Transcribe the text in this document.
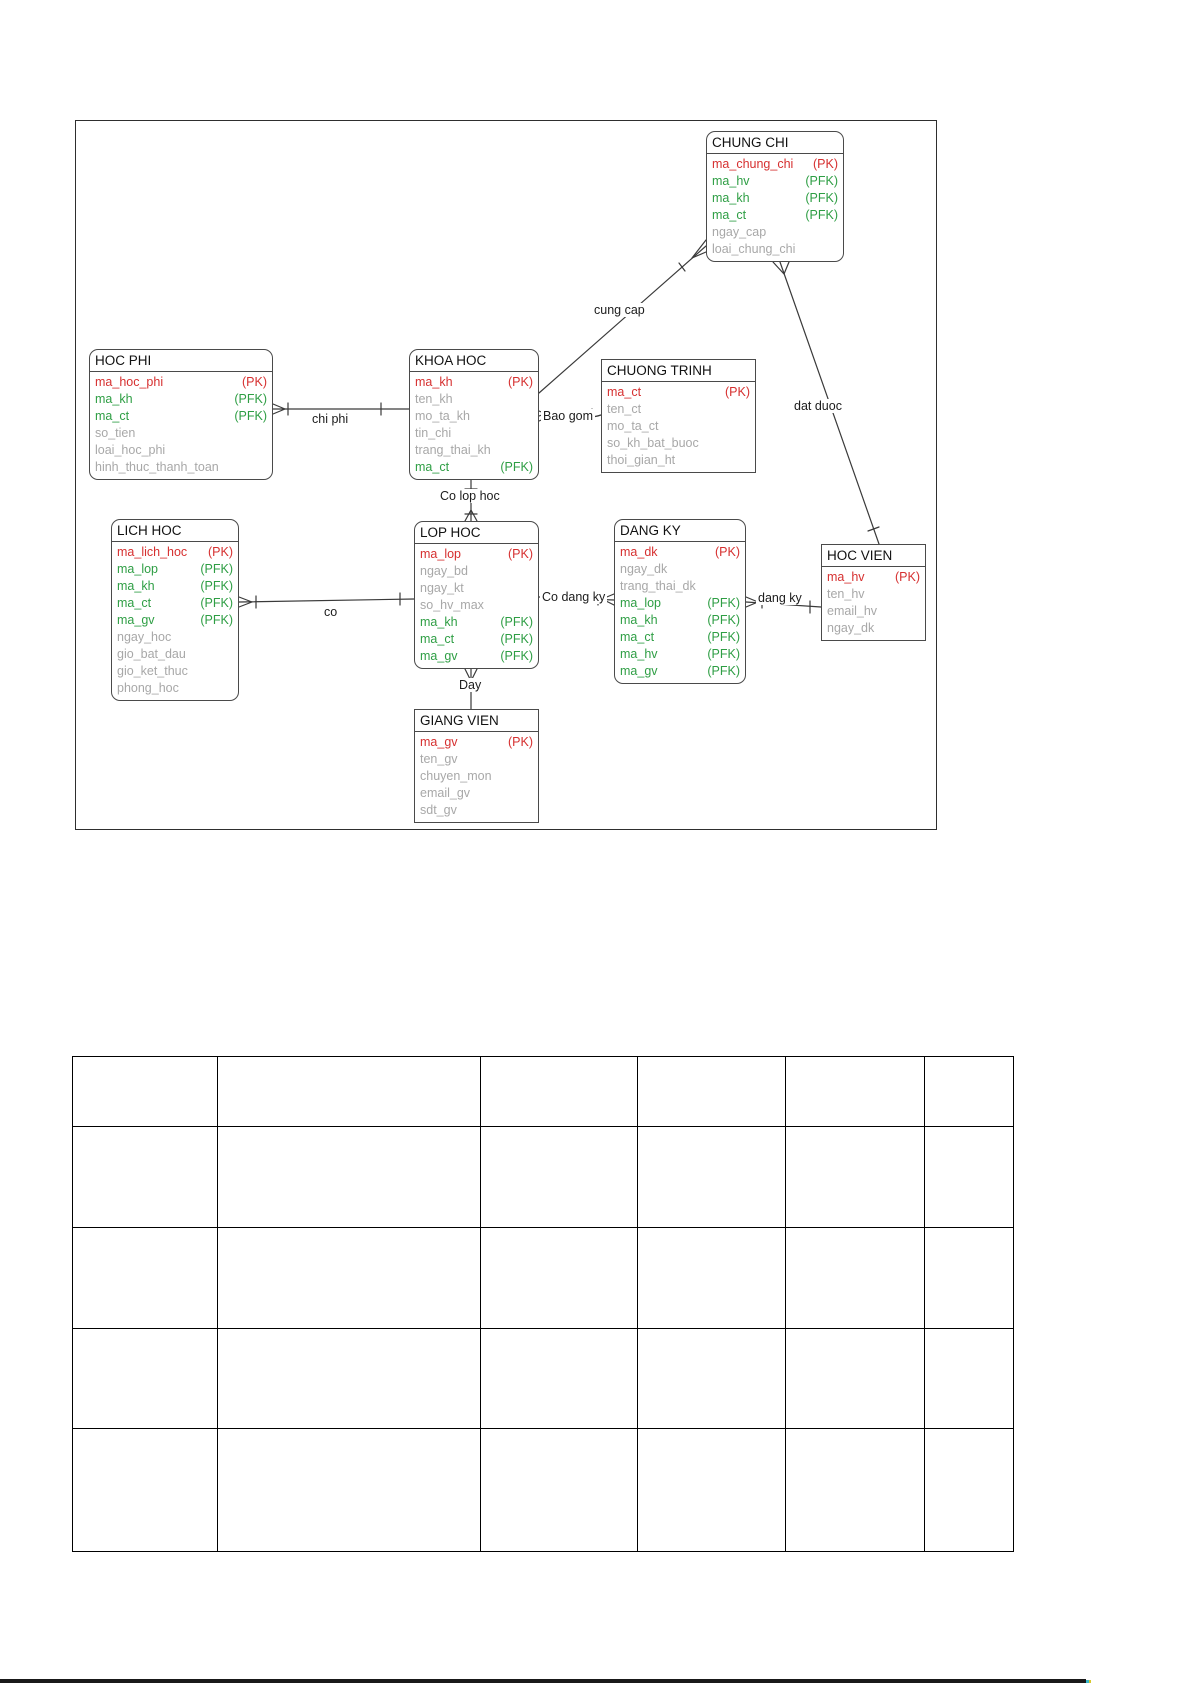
CHUNG CHI
ma_chung_chi (PK)
ma_hv	(PFK)
ma_kh	(PFK)
ma_ct	(PFK)
ngay_cap
loai_chung_chi
HOC PHI
ma_hoc_phi	(PK)
ma_kh	(PFK)
ma_ct	(PFK)
so_tien
loai_hoc_phi
hinh_thuc_thanh_toan
KHOA HOC
ma_kh	(PK)
ten_kh
mo_ta_kh
tin_chi
trang_thai_kh
ma_ct	(PFK)
CHUONG TRINH
ma_ct	(PK)
ten_ct
mo_ta_ct
so_kh_bat_buoc
thoi_gian_ht
LICH HOC
ma_lich_hoc (PK)
ma_lop	(PFK)
ma_kh	(PFK)
ma_ct	(PFK)
ma_gv	(PFK)
ngay_hoc
gio_bat_dau
gio_ket_thuc
phong_hoc
LOP HOC
ma_lop	(PK)
ngay_bd
ngay_kt
so_hv_max
ma_kh	(PFK)
ma_ct	(PFK)
ma_gv	(PFK)
DANG KY
ma_dk	(PK)
ngay_dk
trang_thai_dk
ma_lop	(PFK)
ma_kh	(PFK)
ma_ct	(PFK)
ma_hv	(PFK)
ma_gv	(PFK)
HOC VIEN
ma_hv (PK)
ten_hv
email_hv
ngay_dk
GIANG VIEN
ma_gv	(PK)
ten_gv
chuyen_mon
email_gv
sdt_gv
chi phi
cung cap
Bao gom
dat duoc
Co lop hoc
co
Co dang ky	dang ky
Day
